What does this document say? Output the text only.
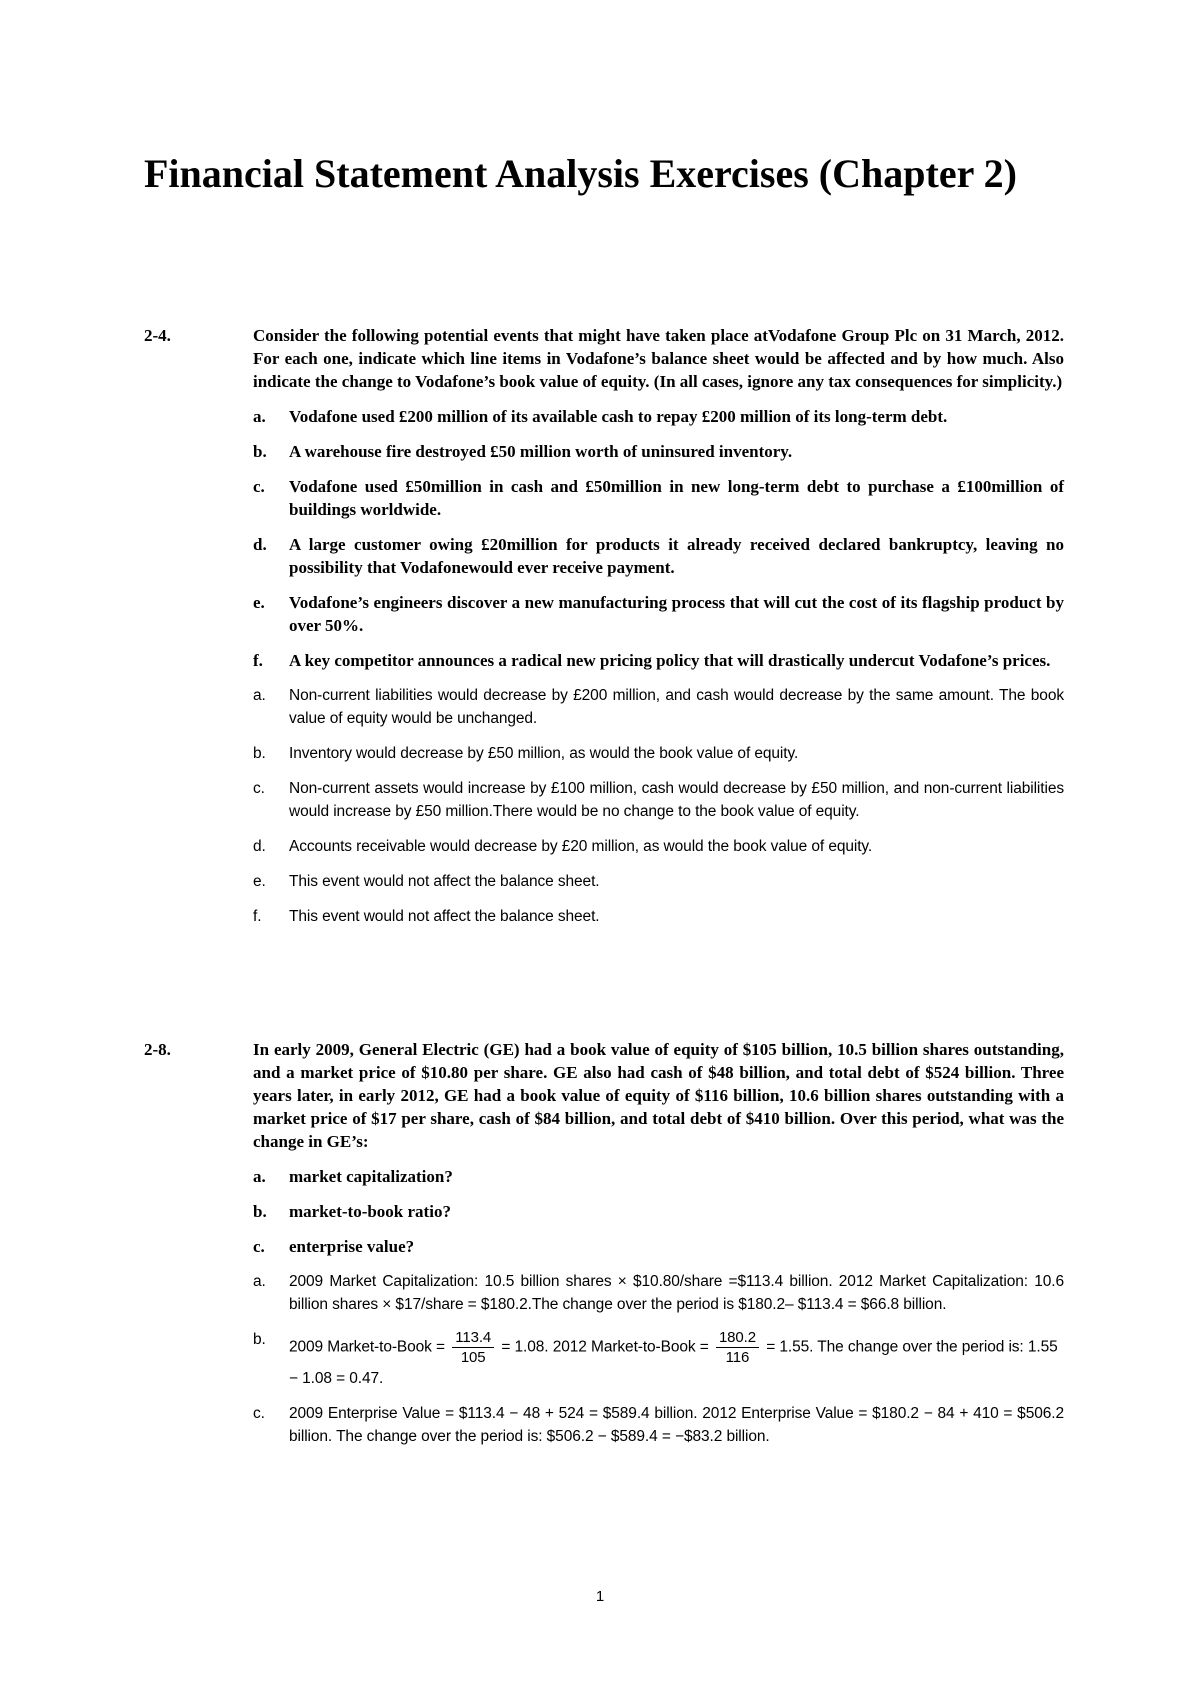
Financial Statement Analysis Exercises (Chapter 2)
2-4.	Consider the following potential events that might have taken place atVodafone Group Plc on 31 March, 2012. For each one, indicate which line items in Vodafone’s balance sheet would be affected and by how much. Also indicate the change to Vodafone’s book value of equity. (In all cases, ignore any tax consequences for simplicity.)
a. Vodafone used £200 million of its available cash to repay £200 million of its long-term debt.
b. A warehouse fire destroyed £50 million worth of uninsured inventory.
c. Vodafone used £50million in cash and £50million in new long-term debt to purchase a £100million of buildings worldwide.
d. A large customer owing £20million for products it already received declared bankruptcy, leaving no possibility that Vodafonewould ever receive payment.
e. Vodafone’s engineers discover a new manufacturing process that will cut the cost of its flagship product by over 50%.
f. A key competitor announces a radical new pricing policy that will drastically undercut Vodafone’s prices.
a. Non-current liabilities would decrease by £200 million, and cash would decrease by the same amount. The book value of equity would be unchanged.
b. Inventory would decrease by £50 million, as would the book value of equity.
c. Non-current assets would increase by £100 million, cash would decrease by £50 million, and non-current liabilities would increase by £50 million.There would be no change to the book value of equity.
d. Accounts receivable would decrease by £20 million, as would the book value of equity.
e. This event would not affect the balance sheet.
f. This event would not affect the balance sheet.
2-8.	In early 2009, General Electric (GE) had a book value of equity of $105 billion, 10.5 billion shares outstanding, and a market price of $10.80 per share. GE also had cash of $48 billion, and total debt of $524 billion. Three years later, in early 2012, GE had a book value of equity of $116 billion, 10.6 billion shares outstanding with a market price of $17 per share, cash of $84 billion, and total debt of $410 billion. Over this period, what was the change in GE’s:
a. market capitalization?
b. market-to-book ratio?
c. enterprise value?
a. 2009 Market Capitalization: 10.5 billion shares × $10.80/share =$113.4 billion. 2012 Market Capitalization: 10.6 billion shares × $17/share = $180.2.The change over the period is $180.2– $113.4 = $66.8 billion.
b. 2009 Market-to-Book = $\frac{113.4}{105} = 1.08$. 2012 Market-to-Book = $\frac{180.2}{116} = 1.55$. The change over the period is: 1.55 − 1.08 = 0.47.
c. 2009 Enterprise Value = $113.4 − 48 + 524 = $589.4 billion. 2012 Enterprise Value = $180.2 − 84 + 410 = $506.2 billion. The change over the period is: $506.2 − $589.4 = −$83.2 billion.
1
